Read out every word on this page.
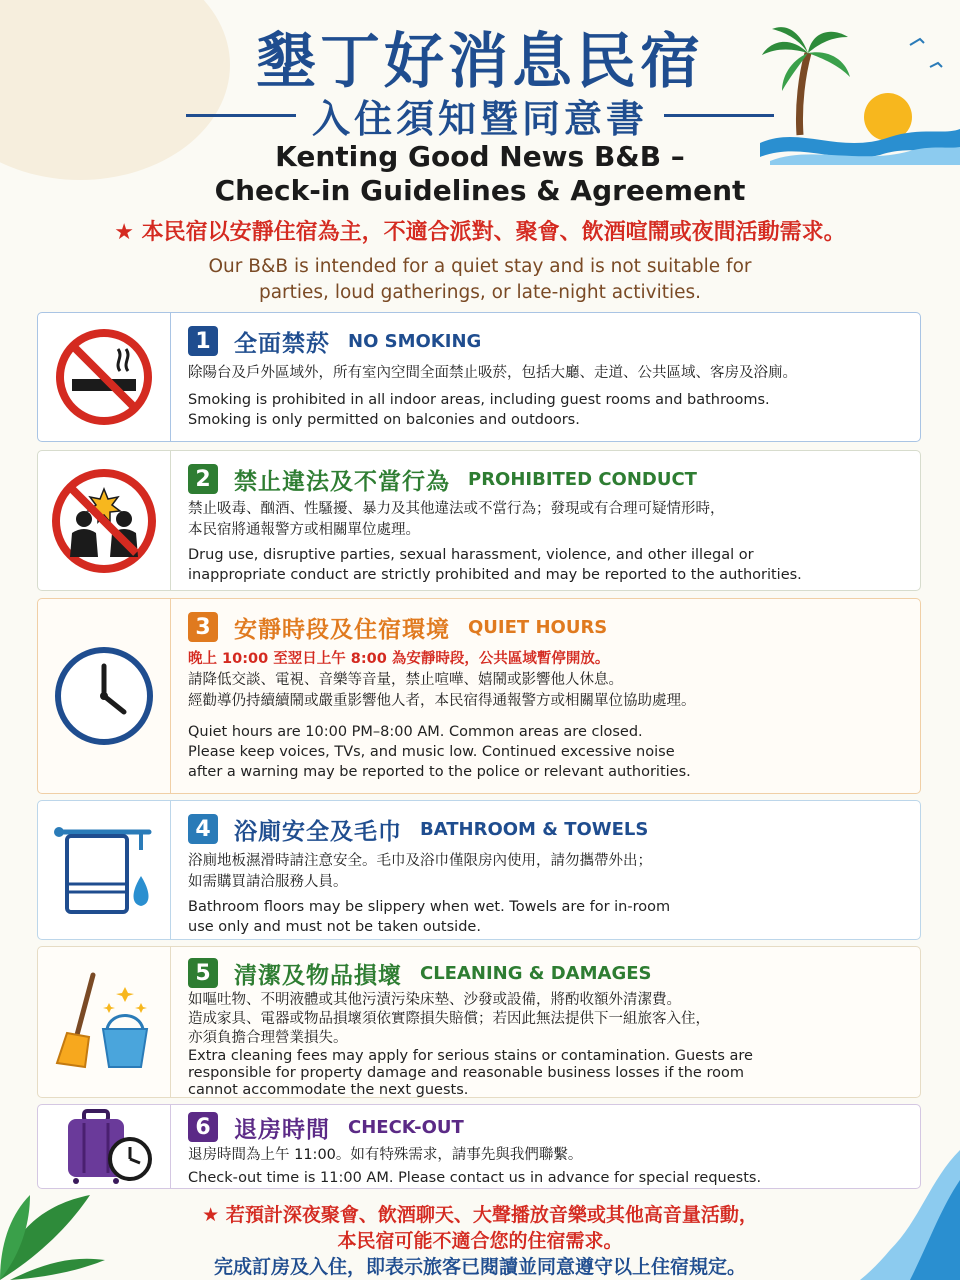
墾丁好消息民宿
入住須知暨同意書
Kenting Good News B&B –
Check-in Guidelines & Agreement
★ 本民宿以安靜住宿為主，不適合派對、聚會、飲酒喧鬧或夜間活動需求。
Our B&B is intended for a quiet stay and is not suitable for
parties, loud gatherings, or late-night activities.
1	全面禁菸 NO SMOKING
除陽台及戶外區域外，所有室內空間全面禁止吸菸，包括大廳、走道、公共區域、客房及浴廁。
Smoking is prohibited in all indoor areas, including guest rooms and bathrooms.
Smoking is only permitted on balconies and outdoors.
2	禁止違法及不當行為 PROHIBITED CONDUCT
禁止吸毒、酗酒、性騷擾、暴力及其他違法或不當行為；發現或有合理可疑情形時，
本民宿將通報警方或相關單位處理。
Drug use, disruptive parties, sexual harassment, violence, and other illegal or
inappropriate conduct are strictly prohibited and may be reported to the authorities.
3	安靜時段及住宿環境 QUIET HOURS
晚上 10:00 至翌日上午 8:00 為安靜時段，公共區域暫停開放。
請降低交談、電視、音樂等音量，禁止喧嘩、嬉鬧或影響他人休息。
經勸導仍持續續鬧或嚴重影響他人者，本民宿得通報警方或相關單位協助處理。
Quiet hours are 10:00 PM–8:00 AM. Common areas are closed.
Please keep voices, TVs, and music low. Continued excessive noise
after a warning may be reported to the police or relevant authorities.
4	浴廁安全及毛巾 BATHROOM & TOWELS
浴廁地板濕滑時請注意安全。毛巾及浴巾僅限房內使用，請勿攜帶外出；
如需購買請洽服務人員。
Bathroom floors may be slippery when wet. Towels are for in-room
use only and must not be taken outside.
5	清潔及物品損壞 CLEANING & DAMAGES
如嘔吐物、不明液體或其他污漬污染床墊、沙發或設備，將酌收額外清潔費。
造成家具、電器或物品損壞須依實際損失賠償；若因此無法提供下一組旅客入住，
亦須負擔合理營業損失。
Extra cleaning fees may apply for serious stains or contamination. Guests are
responsible for property damage and reasonable business losses if the room
cannot accommodate the next guests.
6	退房時間 CHECK-OUT
退房時間為上午 11:00。如有特殊需求，請事先與我們聯繫。
Check-out time is 11:00 AM. Please contact us in advance for special requests.
★ 若預計深夜聚會、飲酒聊天、大聲播放音樂或其他高音量活動，
本民宿可能不適合您的住宿需求。
完成訂房及入住，即表示旅客已閱讀並同意遵守以上住宿規定。
